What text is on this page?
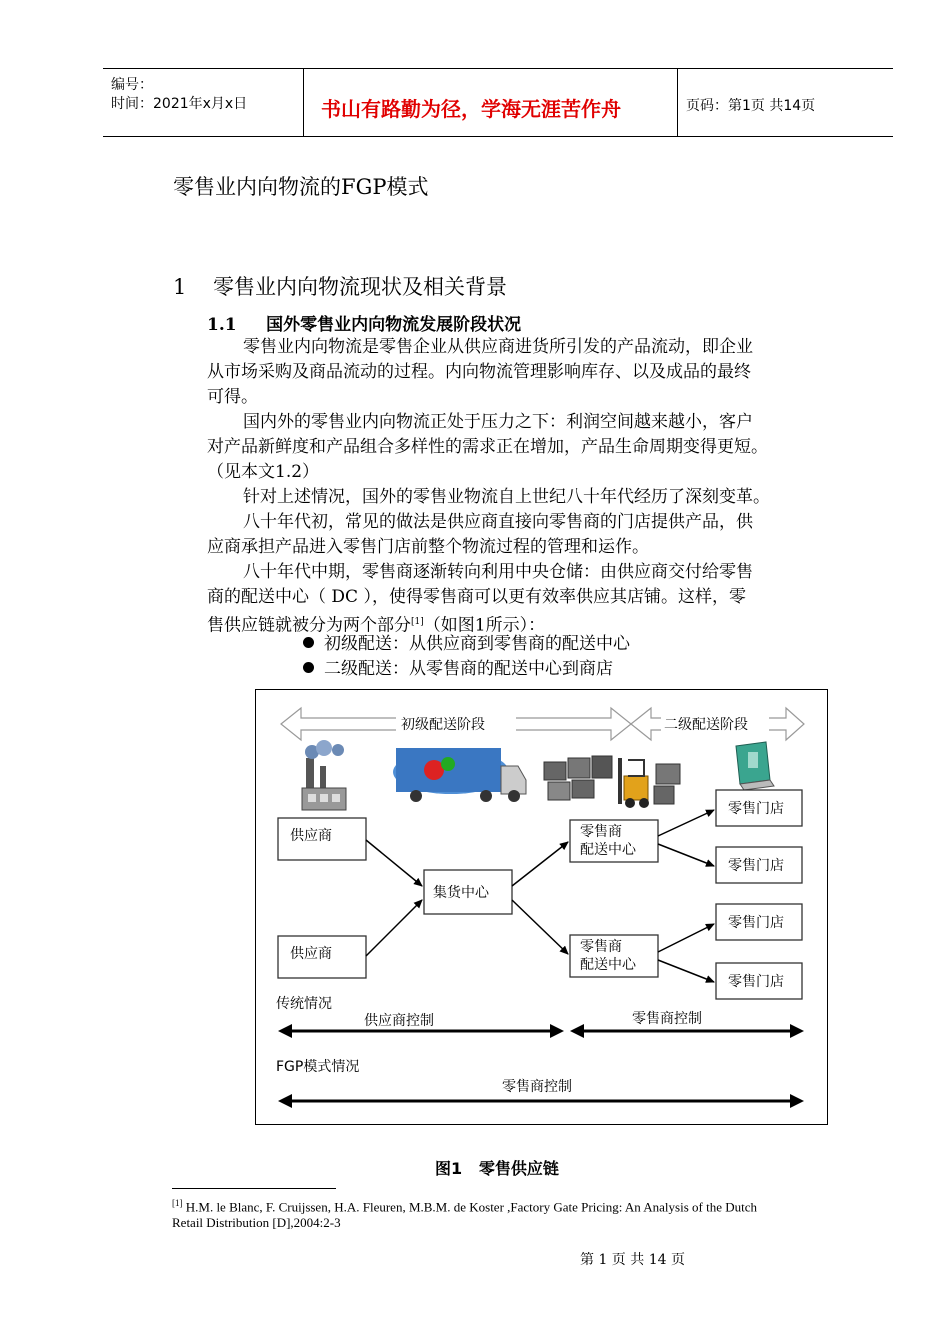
编号：
时间：2021年x月x日	书山有路勤为径，学海无涯苦作舟	页码：第1页 共14页
零售业内向物流的FGP模式
1    零售业内向物流现状及相关背景
1.1     国外零售业内向物流发展阶段状况
零售业内向物流是零售企业从供应商进货所引发的产品流动，即企业
从市场采购及商品流动的过程。内向物流管理影响库存、以及成品的最终
可得。
国内外的零售业内向物流正处于压力之下：利润空间越来越小，客户
对产品新鲜度和产品组合多样性的需求正在增加，产品生命周期变得更短。
（见本文1.2）
针对上述情况，国外的零售业物流自上世纪八十年代经历了深刻变革。
八十年代初，常见的做法是供应商直接向零售商的门店提供产品，供
应商承担产品进入零售门店前整个物流过程的管理和运作。
八十年代中期，零售商逐渐转向利用中央仓储：由供应商交付给零售
商的配送中心（ DC ），使得零售商可以更有效率供应其店铺。这样，零
售供应链就被分为两个部分[1]（如图1所示）：
初级配送：从供应商到零售商的配送中心
二级配送：从零售商的配送中心到商店
初级配送阶段	二级配送阶段
供应商
供应商
集货中心
零售商
配送中心
零售商
配送中心
零售门店
零售门店
零售门店
零售门店
传统情况
供应商控制	零售商控制
FGP模式情况
零售商控制
图1   零售供应链
[1] H.M. le Blanc, F. Cruijssen, H.A. Fleuren, M.B.M. de Koster ,Factory Gate Pricing: An Analysis of the Dutch
Retail Distribution [D],2004:2-3
第 1 页 共 14 页
